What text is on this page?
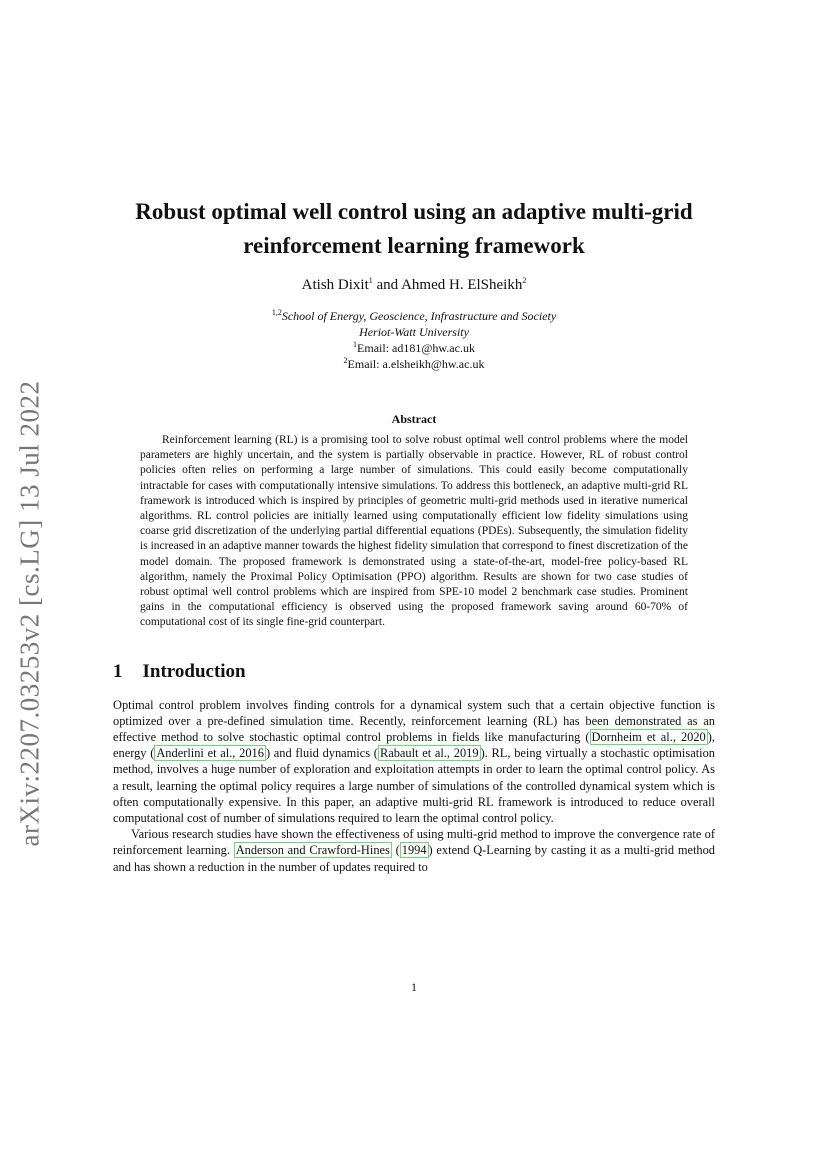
arXiv:2207.03253v2 [cs.LG] 13 Jul 2022
Robust optimal well control using an adaptive multi-grid
reinforcement learning framework
Atish Dixit$^1$ and Ahmed H. ElSheikh$^2$
$^{1,2}$School of Energy, Geoscience, Infrastructure and Society
Heriot-Watt University
$^1$Email: ad181@hw.ac.uk
$^2$Email: a.elsheikh@hw.ac.uk
Abstract

Reinforcement learning (RL) is a promising tool to solve robust optimal well control problems where the model parameters are highly uncertain, and the system is partially observable in practice. However, RL of robust control policies often relies on performing a large number of simulations. This could easily become computationally intractable for cases with computationally intensive simulations. To address this bottleneck, an adaptive multi-grid RL framework is introduced which is inspired by principles of geometric multi-grid methods used in iterative numerical algorithms. RL control policies are initially learned using computationally efficient low fidelity simulations using coarse grid discretization of the underlying partial differential equations (PDEs). Subsequently, the simulation fidelity is increased in an adaptive manner towards the highest fidelity simulation that correspond to finest discretization of the model domain. The proposed framework is demonstrated using a state-of-the-art, model-free policy-based RL algorithm, namely the Proximal Policy Optimisation (PPO) algorithm. Results are shown for two case studies of robust optimal well control problems which are inspired from SPE-10 model 2 benchmark case studies. Prominent gains in the computational efficiency is observed using the proposed framework saving around 60-70% of computational cost of its single fine-grid counterpart.

1 Introduction

Optimal control problem involves finding controls for a dynamical system such that a certain objective function is optimized over a pre-defined simulation time. Recently, reinforcement learning (RL) has been demonstrated as an effective method to solve stochastic optimal control problems in fields like manufacturing ( Dornheim et al., 2020 ), energy ( Anderlini et al., 2016 ) and fluid dynamics ( Rabault et al., 2019 ). RL, being virtually a stochastic optimisation method, involves a huge number of exploration and exploitation attempts in order to learn the optimal control policy. As a result, learning the optimal policy requires a large number of simulations of the controlled dynamical system which is often computationally expensive. In this paper, an adaptive multi-grid RL framework is introduced to reduce overall computational cost of number of simulations required to learn the optimal control policy.

Various research studies have shown the effectiveness of using multi-grid method to improve the convergence rate of reinforcement learning. Anderson and Crawford-Hines ( 1994 ) extend Q-Learning by casting it as a multi-grid method and has shown a reduction in the number of updates required to

1
